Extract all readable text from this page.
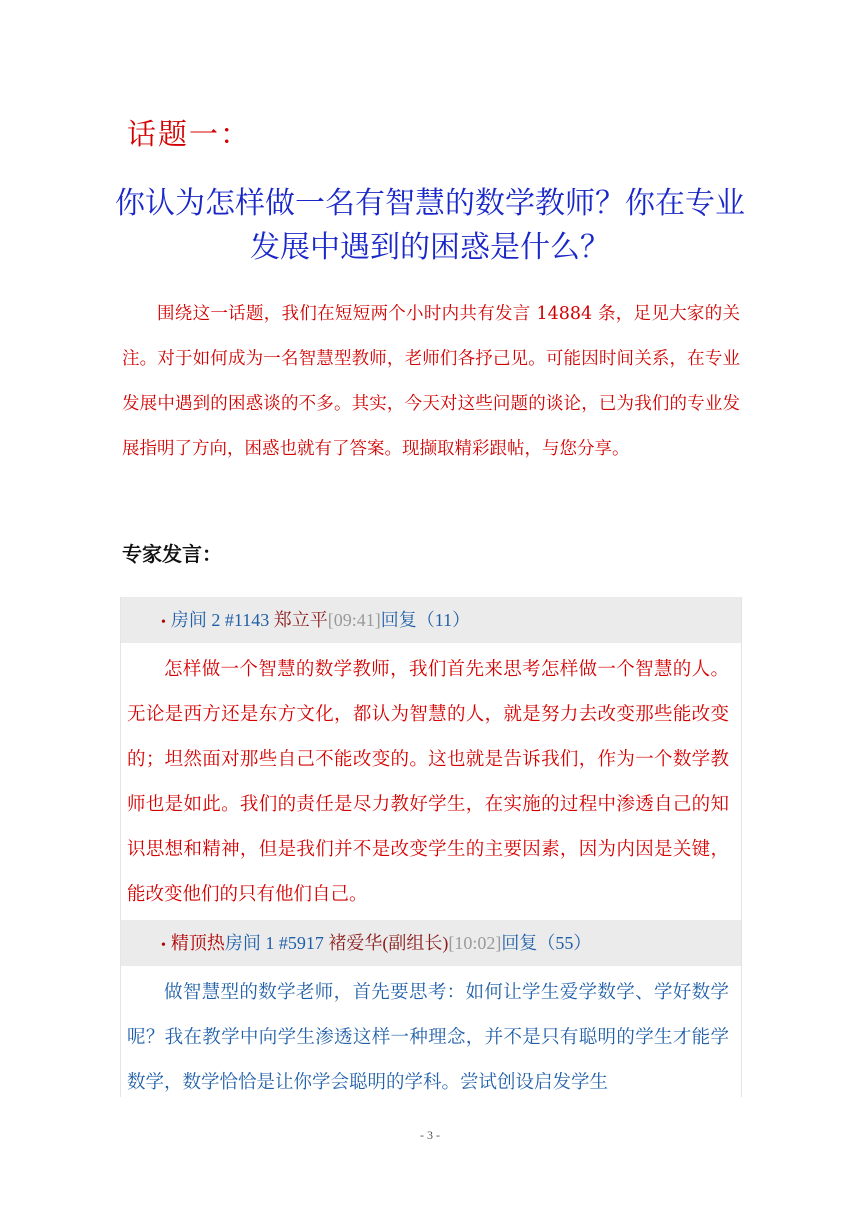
话题一：
你认为怎样做一名有智慧的数学教师？你在专业发展中遇到的困惑是什么？
围绕这一话题，我们在短短两个小时内共有发言 14884 条，足见大家的关注。对于如何成为一名智慧型教师，老师们各抒己见。可能因时间关系，在专业发展中遇到的困惑谈的不多。其实，今天对这些问题的谈论，已为我们的专业发展指明了方向，困惑也就有了答案。现撷取精彩跟帖，与您分享。
专家发言：
• 房间 2 #1143 郑立平[09:41]回复（11）
怎样做一个智慧的数学教师，我们首先来思考怎样做一个智慧的人。无论是西方还是东方文化，都认为智慧的人，就是努力去改变那些能改变的；坦然面对那些自己不能改变的。这也就是告诉我们，作为一个数学教师也是如此。我们的责任是尽力教好学生，在实施的过程中渗透自己的知识思想和精神，但是我们并不是改变学生的主要因素，因为内因是关键，能改变他们的只有他们自己。
• 精顶热房间 1 #5917 褚爱华(副组长)[10:02]回复（55）
做智慧型的数学老师，首先要思考：如何让学生爱学数学、学好数学呢？我在教学中向学生渗透这样一种理念，并不是只有聪明的学生才能学数学，数学恰恰是让你学会聪明的学科。尝试创设启发学生
- 3 -
